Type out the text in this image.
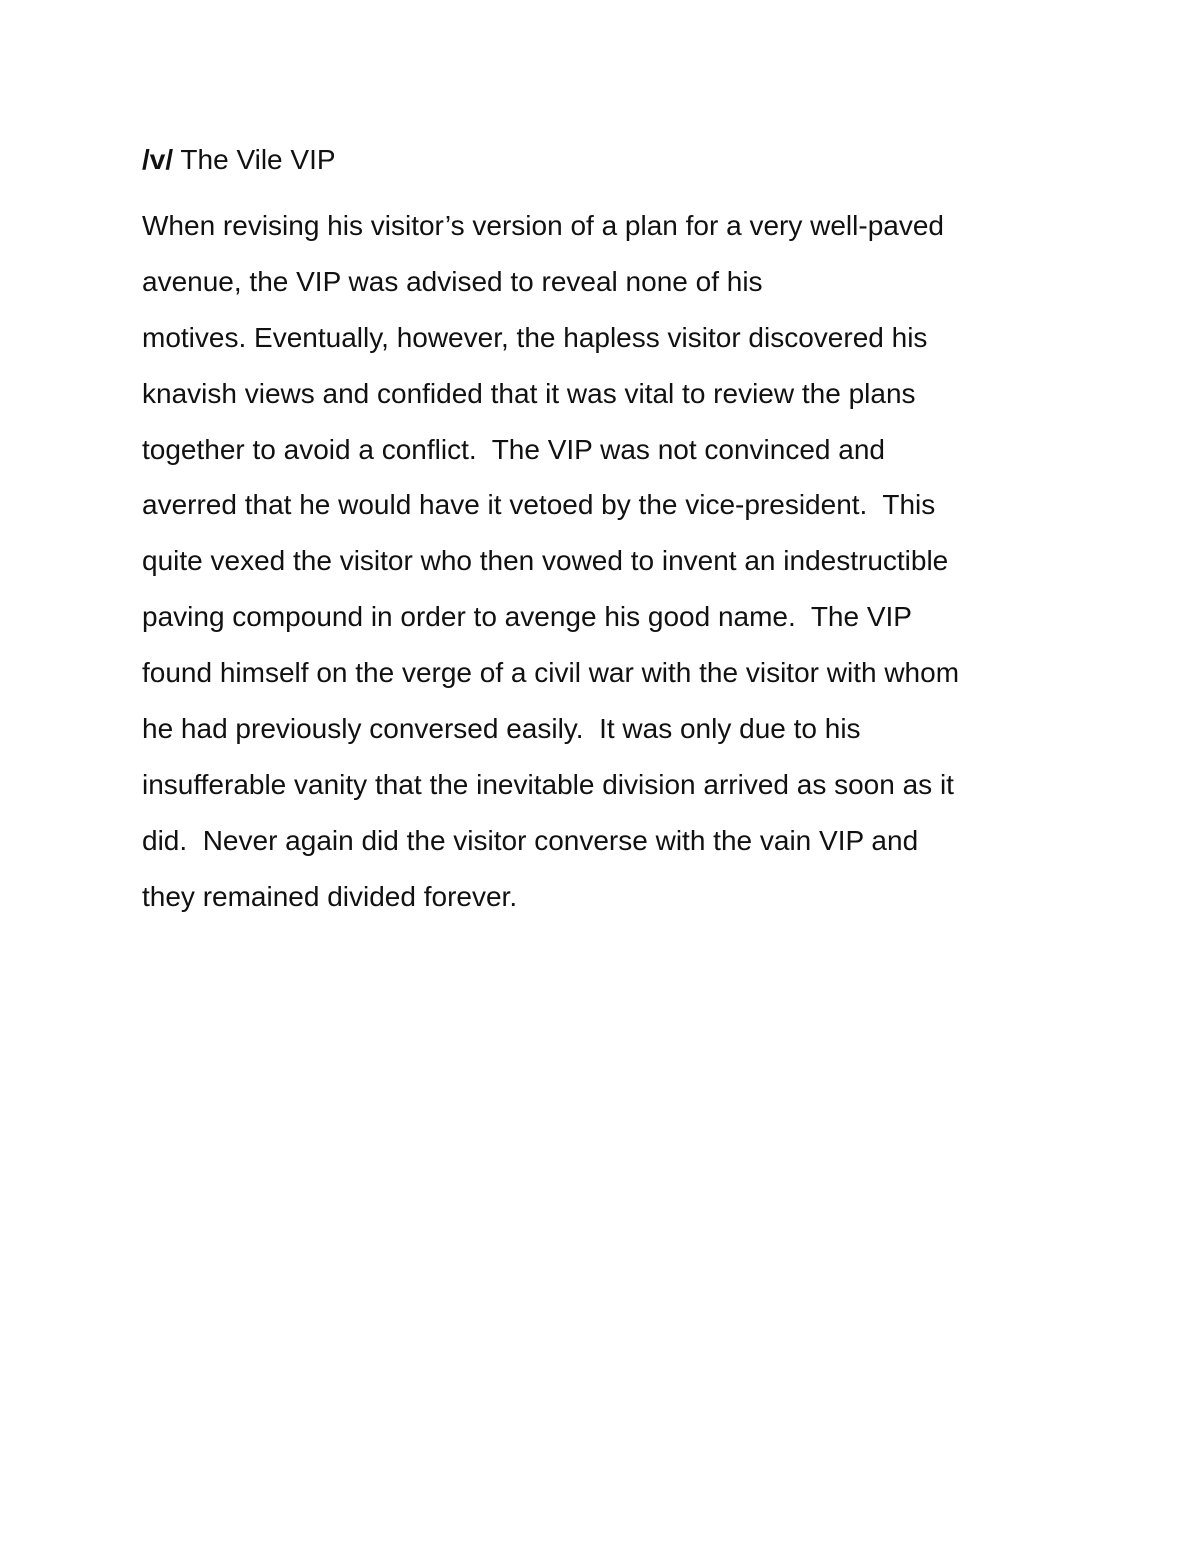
/v/ The Vile VIP
When revising his visitor’s version of a plan for a very well-paved
avenue, the VIP was advised to reveal none of his
motives. Eventually, however, the hapless visitor discovered his
knavish views and confided that it was vital to review the plans
together to avoid a conflict.  The VIP was not convinced and
averred that he would have it vetoed by the vice-president.  This
quite vexed the visitor who then vowed to invent an indestructible
paving compound in order to avenge his good name.  The VIP
found himself on the verge of a civil war with the visitor with whom
he had previously conversed easily.  It was only due to his
insufferable vanity that the inevitable division arrived as soon as it
did.  Never again did the visitor converse with the vain VIP and
they remained divided forever.
